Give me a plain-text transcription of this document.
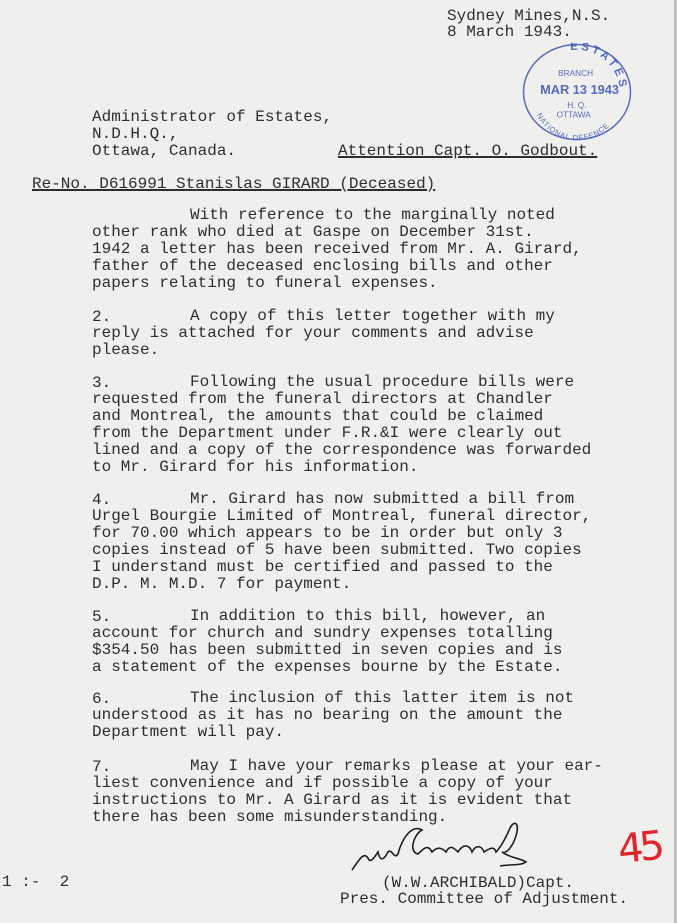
Sydney Mines,N.S.
8 March 1943.
ESTATES
BRANCH
MAR 13 1943
H. Q.
OTTAWA
NATIONAL DEFENCE
Administrator of Estates,
N.D.H.Q.,
Ottawa, Canada.	Attention Capt. O. Godbout.
Re-No. D616991 Stanislas GIRARD (Deceased)
With reference to the marginally noted
other rank who died at Gaspe on December 31st.
1942 a letter has been received from Mr. A. Girard,
father of the deceased enclosing bills and other
papers relating to funeral expenses.
2.	A copy of this letter together with my
reply is attached for your comments and advise
please.
3.	Following the usual procedure bills were
requested from the funeral directors at Chandler
and Montreal, the amounts that could be claimed
from the Department under F.R.&I were clearly out
lined and a copy of the correspondence was forwarded
to Mr. Girard for his information.
4.	Mr. Girard has now submitted a bill from
Urgel Bourgie Limited of Montreal, funeral director,
for 70.00 which appears to be in order but only 3
copies instead of 5 have been submitted. Two copies
I understand must be certified and passed to the
D.P. M. M.D. 7 for payment.
5.	In addition to this bill, however, an
account for church and sundry expenses totalling
$354.50 has been submitted in seven copies and is
a statement of the expenses bourne by the Estate.
6.	The inclusion of this latter item is not
understood as it has no bearing on the amount the
Department will pay.
7.	May I have your remarks please at your ear-
liest convenience and if possible a copy of your
instructions to Mr. A Girard as it is evident that
there has been some misunderstanding.
45
1 :-  2	(W.W.ARCHIBALD)Capt.
Pres. Committee of Adjustment.
